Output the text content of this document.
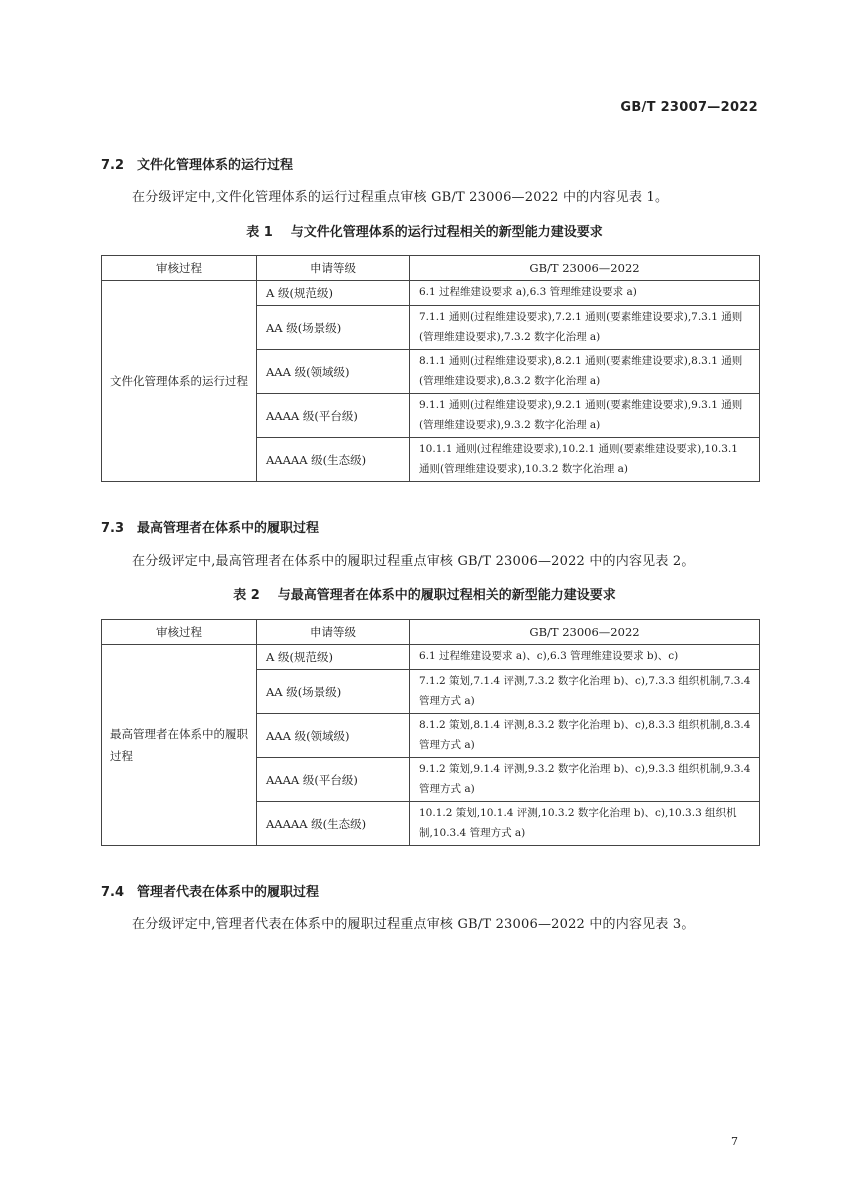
GB/T 23007—2022
7.2 文件化管理体系的运行过程
在分级评定中,文件化管理体系的运行过程重点审核 GB/T 23006—2022 中的内容见表 1。
表 1 与文件化管理体系的运行过程相关的新型能力建设要求
审核过程	申请等级	GB/T 23006—2022
文件化管理体系的运行过程	A 级(规范级)	6.1 过程维建设要求 a),6.3 管理维建设要求 a)
	AA 级(场景级)	7.1.1 通则(过程维建设要求),7.2.1 通则(要素维建设要求),7.3.1 通则(管理维建设要求),7.3.2 数字化治理 a)
	AAA 级(领域级)	8.1.1 通则(过程维建设要求),8.2.1 通则(要素维建设要求),8.3.1 通则(管理维建设要求),8.3.2 数字化治理 a)
	AAAA 级(平台级)	9.1.1 通则(过程维建设要求),9.2.1 通则(要素维建设要求),9.3.1 通则(管理维建设要求),9.3.2 数字化治理 a)
	AAAAA 级(生态级)	10.1.1 通则(过程维建设要求),10.2.1 通则(要素维建设要求),10.3.1 通则(管理维建设要求),10.3.2 数字化治理 a)
7.3 最高管理者在体系中的履职过程
在分级评定中,最高管理者在体系中的履职过程重点审核 GB/T 23006—2022 中的内容见表 2。
表 2 与最高管理者在体系中的履职过程相关的新型能力建设要求
审核过程	申请等级	GB/T 23006—2022
最高管理者在体系中的履职过程	A 级(规范级)	6.1 过程维建设要求 a)、c),6.3 管理维建设要求 b)、c)
	AA 级(场景级)	7.1.2 策划,7.1.4 评测,7.3.2 数字化治理 b)、c),7.3.3 组织机制,7.3.4 管理方式 a)
	AAA 级(领域级)	8.1.2 策划,8.1.4 评测,8.3.2 数字化治理 b)、c),8.3.3 组织机制,8.3.4 管理方式 a)
	AAAA 级(平台级)	9.1.2 策划,9.1.4 评测,9.3.2 数字化治理 b)、c),9.3.3 组织机制,9.3.4 管理方式 a)
	AAAAA 级(生态级)	10.1.2 策划,10.1.4 评测,10.3.2 数字化治理 b)、c),10.3.3 组织机制,10.3.4 管理方式 a)
7.4 管理者代表在体系中的履职过程
在分级评定中,管理者代表在体系中的履职过程重点审核 GB/T 23006—2022 中的内容见表 3。
7
